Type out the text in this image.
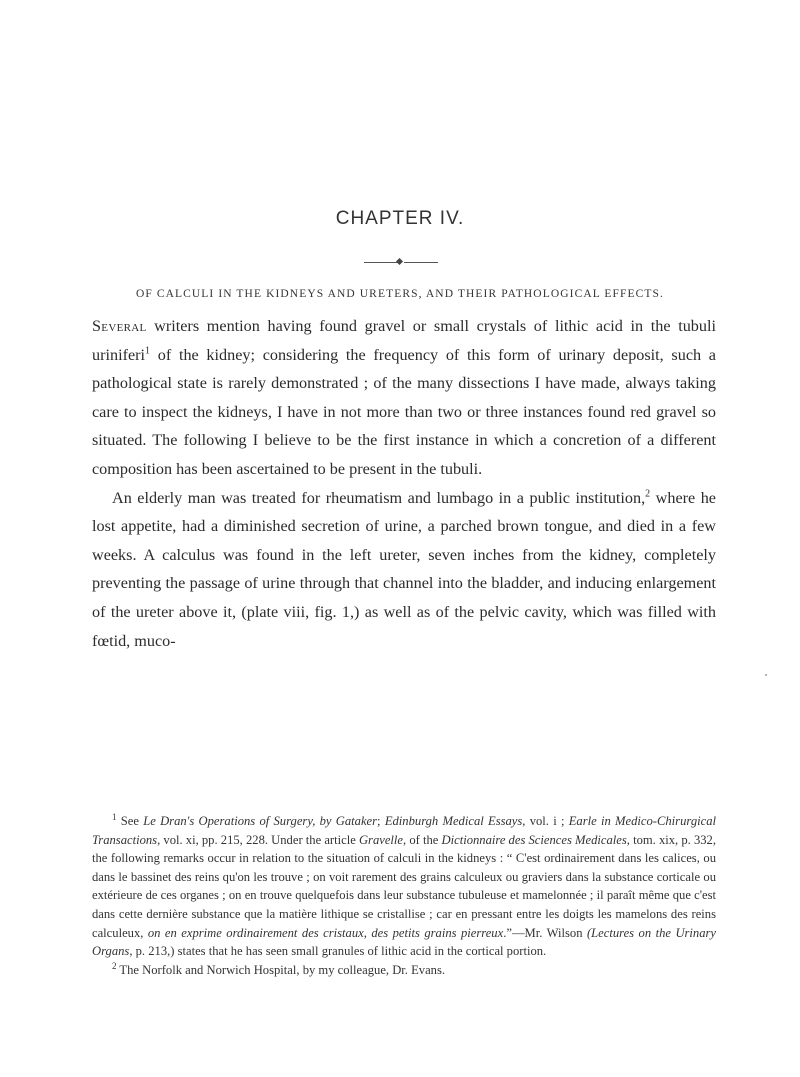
CHAPTER IV.
OF CALCULI IN THE KIDNEYS AND URETERS, AND THEIR PATHOLOGICAL EFFECTS.

Several writers mention having found gravel or small crystals of lithic acid in the tubuli uriniferi$^1$ of the kidney; considering the frequency of this form of urinary deposit, such a pathological state is rarely demonstrated ; of the many dissections I have made, always taking care to inspect the kidneys, I have in not more than two or three instances found red gravel so situated. The following I believe to be the first instance in which a concretion of a different composition has been ascertained to be present in the tubuli.

An elderly man was treated for rheumatism and lumbago in a public institution,$^2$ where he lost appetite, had a diminished secretion of urine, a parched brown tongue, and died in a few weeks. A calculus was found in the left ureter, seven inches from the kidney, completely preventing the passage of urine through that channel into the bladder, and inducing enlargement of the ureter above it, (plate viii, fig. 1,) as well as of the pelvic cavity, which was filled with fœtid, muco-

$^1$ See Le Dran's Operations of Surgery, by Gataker; Edinburgh Medical Essays, vol. i ; Earle in Medico-Chirurgical Transactions, vol. xi, pp. 215, 228. Under the article Gravelle, of the Dictionnaire des Sciences Medicales, tom. xix, p. 332, the following remarks occur in relation to the situation of calculi in the kidneys : “ C'est ordinairement dans les calices, ou dans le bassinet des reins qu'on les trouve ; on voit rarement des grains calculeux ou graviers dans la substance corticale ou extérieure de ces organes ; on en trouve quelquefois dans leur substance tubuleuse et mamelonnée ; il paraît même que c'est dans cette dernière substance que la matière lithique se cristallise ; car en pressant entre les doigts les mamelons des reins calculeux, on en exprime ordinairement des cristaux, des petits grains pierreux.”—Mr. Wilson (Lectures on the Urinary Organs, p. 213,) states that he has seen small granules of lithic acid in the cortical portion.

$^2$ The Norfolk and Norwich Hospital, by my colleague, Dr. Evans.
